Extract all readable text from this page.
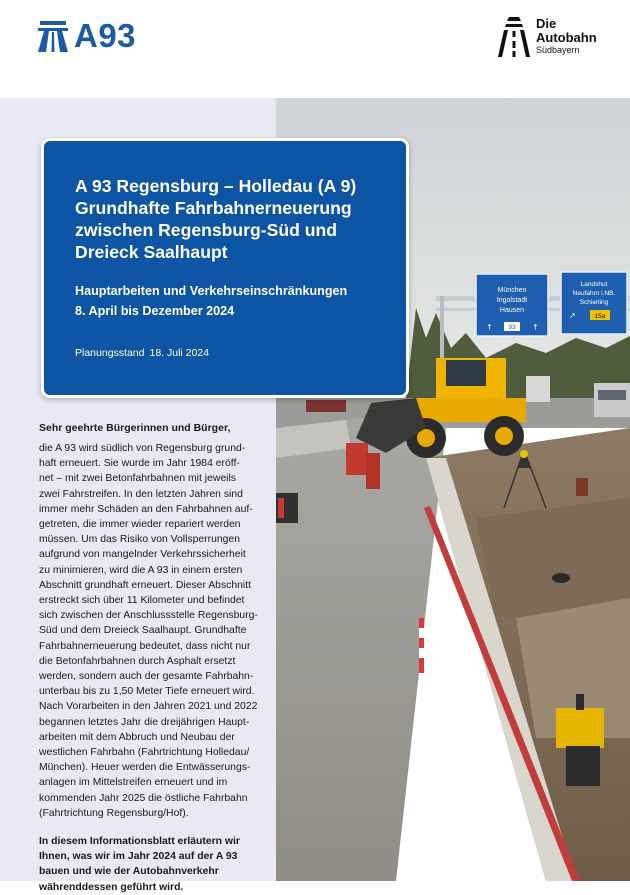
A93	Die
Autobahn
Südbayern
München
Ingolstadt
Hausen
↑	↑
93
Landshut
Neufahrn i.NB.
Schierling
↗	15a
A 93 Regensburg – Holledau (A 9)
Grundhafte Fahrbahnerneuerung
zwischen Regensburg-Süd und
Dreieck Saalhaupt
Hauptarbeiten und Verkehrseinschränkungen
8. April bis Dezember 2024
Planungsstand 18. Juli 2024
Sehr geehrte Bürgerinnen und Bürger,
die A 93 wird südlich von Regensburg grund-
haft erneuert. Sie wurde im Jahr 1984 eröff-
net – mit zwei Betonfahrbahnen mit jeweils
zwei Fahrstreifen. In den letzten Jahren sind
immer mehr Schäden an den Fahrbahnen auf-
getreten, die immer wieder repariert werden
müssen. Um das Risiko von Vollsperrungen
aufgrund von mangelnder Verkehrssicherheit
zu minimieren, wird die A 93 in einem ersten
Abschnitt grundhaft erneuert. Dieser Abschnitt
erstreckt sich über 11 Kilometer und befindet
sich zwischen der Anschlussstelle Regensburg-
Süd und dem Dreieck Saalhaupt. Grundhafte
Fahrbahnerneuerung bedeutet, dass nicht nur
die Betonfahrbahnen durch Asphalt ersetzt
werden, sondern auch der gesamte Fahrbahn-
unterbau bis zu 1,50 Meter Tiefe erneuert wird.
Nach Vorarbeiten in den Jahren 2021 und 2022
begannen letztes Jahr die dreijährigen Haupt-
arbeiten mit dem Abbruch und Neubau der
westlichen Fahrbahn (Fahrtrichtung Holledau/
München). Heuer werden die Entwässerungs-
anlagen im Mittelstreifen erneuert und im
kommenden Jahr 2025 die östliche Fahrbahn
(Fahrtrichtung Regensburg/Hof).
In diesem Informationsblatt erläutern wir
Ihnen, was wir im Jahr 2024 auf der A 93
bauen und wie der Autobahnverkehr
währenddessen geführt wird.
